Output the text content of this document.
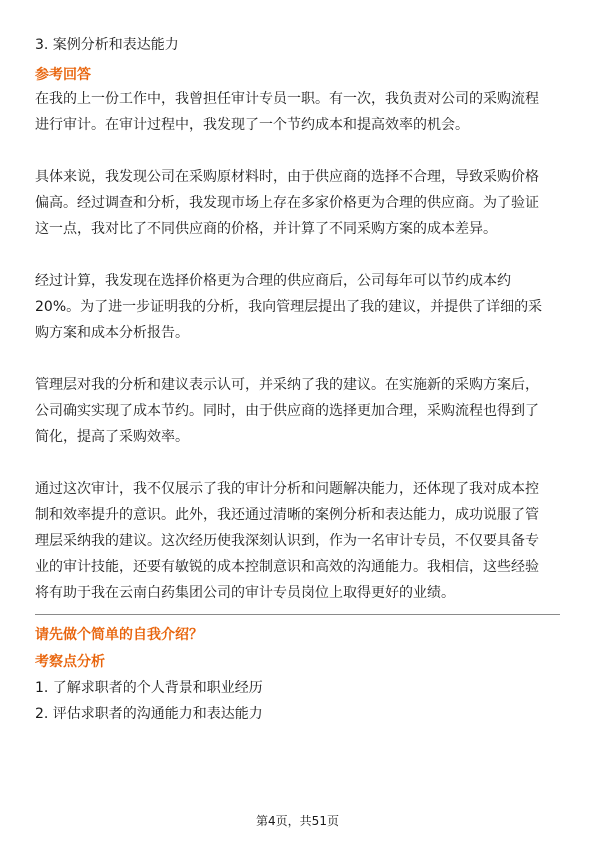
3. 案例分析和表达能力
参考回答
在我的上一份工作中，我曾担任审计专员一职。有一次，我负责对公司的采购流程
进行审计。在审计过程中，我发现了一个节约成本和提高效率的机会。
具体来说，我发现公司在采购原材料时，由于供应商的选择不合理，导致采购价格
偏高。经过调查和分析，我发现市场上存在多家价格更为合理的供应商。为了验证
这一点，我对比了不同供应商的价格，并计算了不同采购方案的成本差异。
经过计算，我发现在选择价格更为合理的供应商后，公司每年可以节约成本约
20%。为了进一步证明我的分析，我向管理层提出了我的建议，并提供了详细的采
购方案和成本分析报告。
管理层对我的分析和建议表示认可，并采纳了我的建议。在实施新的采购方案后，
公司确实实现了成本节约。同时，由于供应商的选择更加合理，采购流程也得到了
简化，提高了采购效率。
通过这次审计，我不仅展示了我的审计分析和问题解决能力，还体现了我对成本控
制和效率提升的意识。此外，我还通过清晰的案例分析和表达能力，成功说服了管
理层采纳我的建议。这次经历使我深刻认识到，作为一名审计专员，不仅要具备专
业的审计技能，还要有敏锐的成本控制意识和高效的沟通能力。我相信，这些经验
将有助于我在云南白药集团公司的审计专员岗位上取得更好的业绩。
请先做个简单的自我介绍？
考察点分析
1. 了解求职者的个人背景和职业经历
2. 评估求职者的沟通能力和表达能力
第4页，共51页
